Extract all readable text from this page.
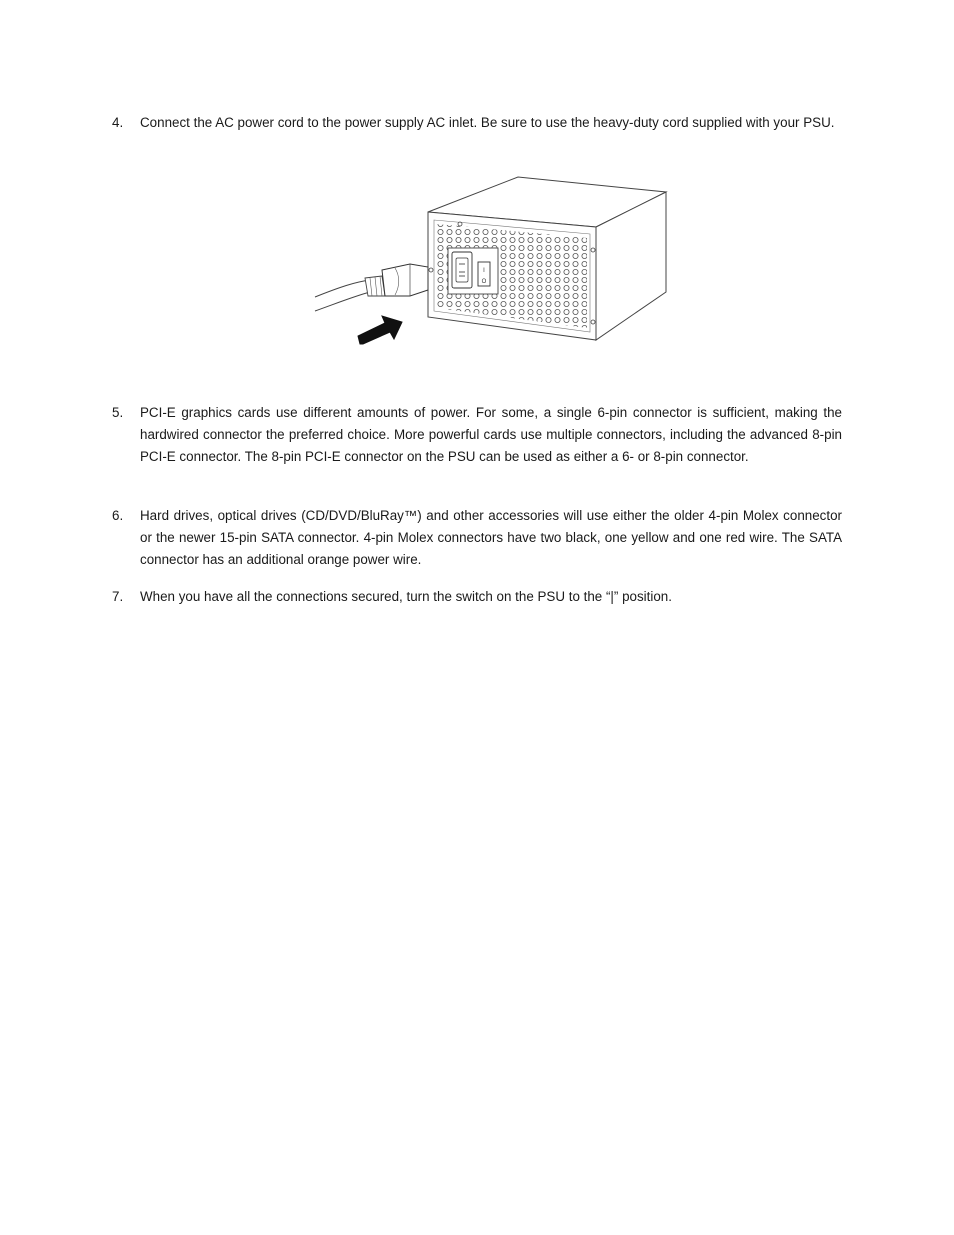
4.	Connect the AC power cord to the power supply AC inlet. Be sure to use the heavy-duty cord supplied with your PSU.
I
O
5.	PCI-E graphics cards use different amounts of power. For some, a single 6-pin connector is sufficient, making the hardwired connector the preferred choice. More powerful cards use multiple connectors, including the advanced 8-pin PCI-E connector. The 8-pin PCI-E connector on the PSU can be used as either a 6- or 8-pin connector.
6.	Hard drives, optical drives (CD/DVD/BluRay™) and other accessories will use either the older 4-pin Molex connector or the newer 15-pin SATA connector. 4-pin Molex connectors have two black, one yellow and one red wire. The SATA connector has an additional orange power wire.
7.	When you have all the connections secured, turn the switch on the PSU to the “|” position.
